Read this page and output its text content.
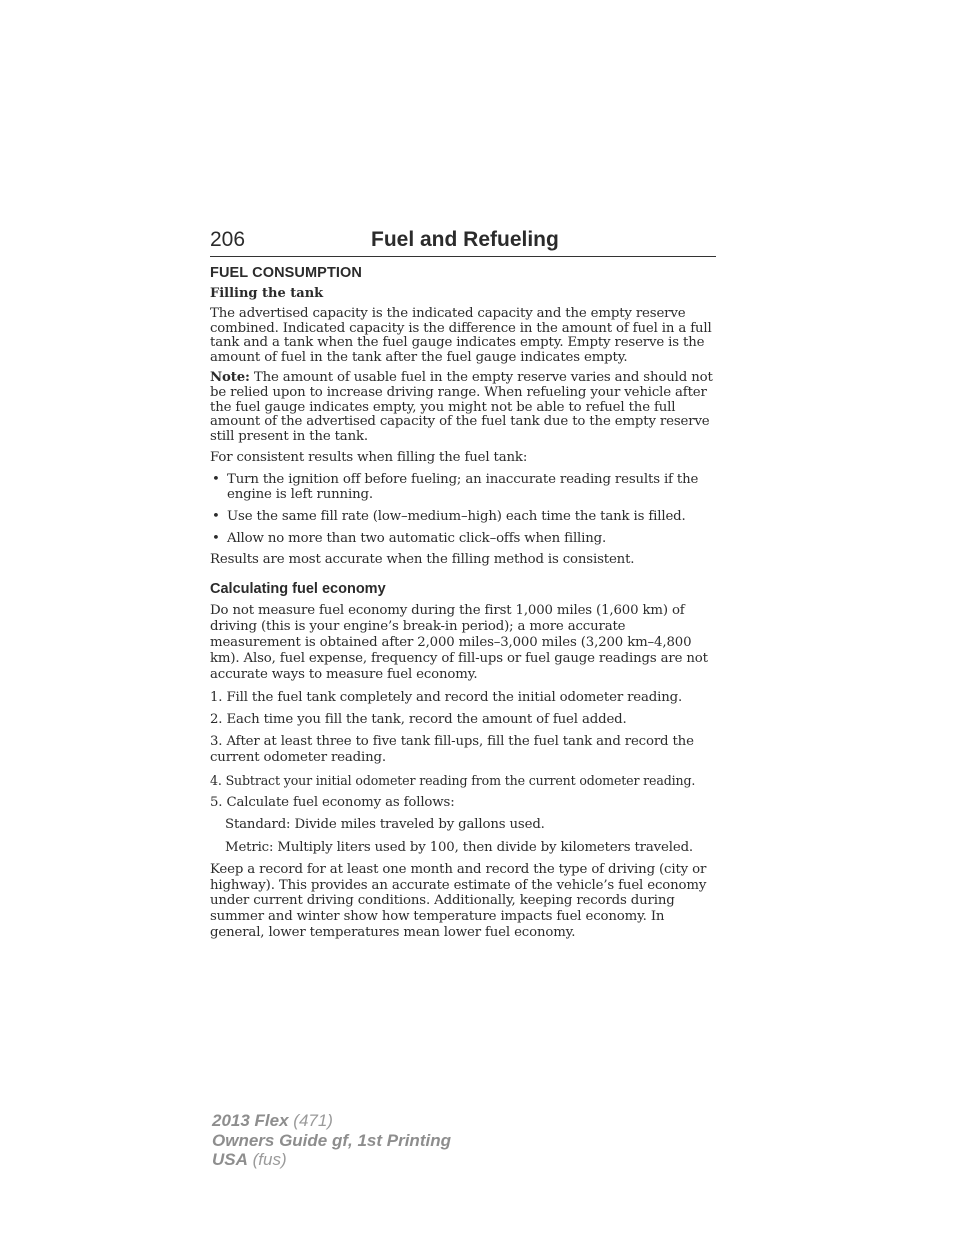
206	Fuel and Refueling
FUEL CONSUMPTION
Filling the tank

The advertised capacity is the indicated capacity and the empty reserve combined. Indicated capacity is the difference in the amount of fuel in a full tank and a tank when the fuel gauge indicates empty. Empty reserve is the amount of fuel in the tank after the fuel gauge indicates empty.

Note: The amount of usable fuel in the empty reserve varies and should not be relied upon to increase driving range. When refueling your vehicle after the fuel gauge indicates empty, you might not be able to refuel the full amount of the advertised capacity of the fuel tank due to the empty reserve still present in the tank.

For consistent results when filling the fuel tank:

• Turn the ignition off before fueling; an inaccurate reading results if the engine is left running.
• Use the same fill rate (low–medium–high) each time the tank is filled.
• Allow no more than two automatic click–offs when filling.

Results are most accurate when the filling method is consistent.

Calculating fuel economy

Do not measure fuel economy during the first 1,000 miles (1,600 km) of driving (this is your engine’s break-in period); a more accurate measurement is obtained after 2,000 miles–3,000 miles (3,200 km–4,800 km). Also, fuel expense, frequency of fill-ups or fuel gauge readings are not accurate ways to measure fuel economy.

1. Fill the fuel tank completely and record the initial odometer reading.

2. Each time you fill the tank, record the amount of fuel added.

3. After at least three to five tank fill-ups, fill the fuel tank and record the current odometer reading.

4. Subtract your initial odometer reading from the current odometer reading.

5. Calculate fuel economy as follows:

Standard: Divide miles traveled by gallons used.

Metric: Multiply liters used by 100, then divide by kilometers traveled.

Keep a record for at least one month and record the type of driving (city or highway). This provides an accurate estimate of the vehicle’s fuel economy under current driving conditions. Additionally, keeping records during summer and winter show how temperature impacts fuel economy. In general, lower temperatures mean lower fuel economy.

2013 Flex (471)
Owners Guide gf, 1st Printing
USA (fus)
